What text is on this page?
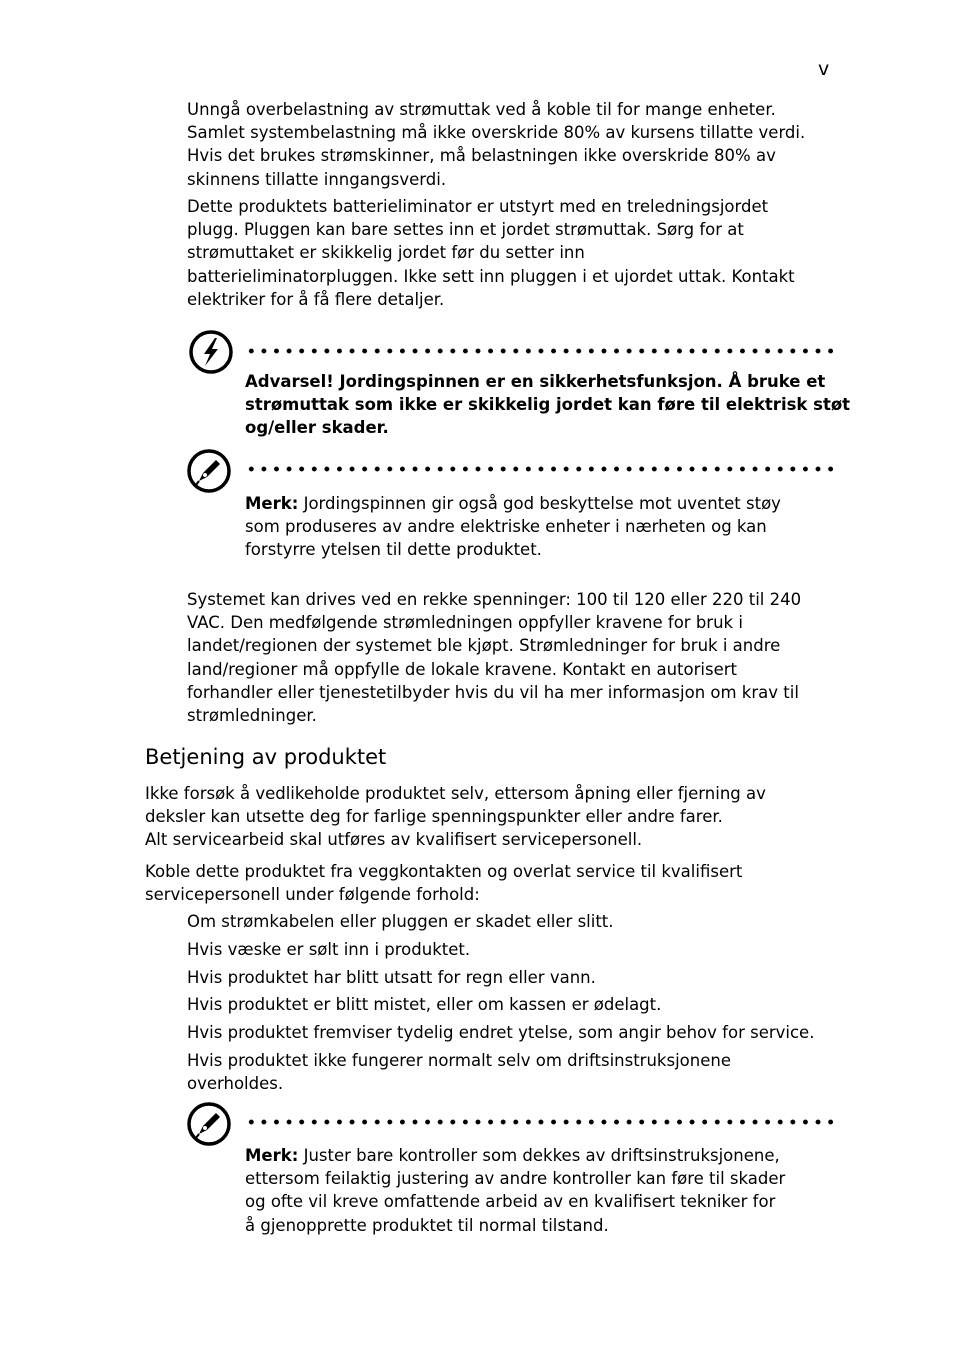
v
Unngå overbelastning av strømuttak ved å koble til for mange enheter.
Samlet systembelastning må ikke overskride 80% av kursens tillatte verdi.
Hvis det brukes strømskinner, må belastningen ikke overskride 80% av
skinnens tillatte inngangsverdi.
Dette produktets batterieliminator er utstyrt med en treledningsjordet
plugg. Pluggen kan bare settes inn et jordet strømuttak. Sørg for at
strømuttaket er skikkelig jordet før du setter inn
batterieliminatorpluggen. Ikke sett inn pluggen i et ujordet uttak. Kontakt
elektriker for å få flere detaljer.
Advarsel! Jordingspinnen er en sikkerhetsfunksjon. Å bruke et
strømuttak som ikke er skikkelig jordet kan føre til elektrisk støt
og/eller skader.
Merk: Jordingspinnen gir også god beskyttelse mot uventet støy
som produseres av andre elektriske enheter i nærheten og kan
forstyrre ytelsen til dette produktet.
Systemet kan drives ved en rekke spenninger: 100 til 120 eller 220 til 240
VAC. Den medfølgende strømledningen oppfyller kravene for bruk i
landet/regionen der systemet ble kjøpt. Strømledninger for bruk i andre
land/regioner må oppfylle de lokale kravene. Kontakt en autorisert
forhandler eller tjenestetilbyder hvis du vil ha mer informasjon om krav til
strømledninger.
Betjening av produktet
Ikke forsøk å vedlikeholde produktet selv, ettersom åpning eller fjerning av
deksler kan utsette deg for farlige spenningspunkter eller andre farer.
Alt servicearbeid skal utføres av kvalifisert servicepersonell.
Koble dette produktet fra veggkontakten og overlat service til kvalifisert
servicepersonell under følgende forhold:
Om strømkabelen eller pluggen er skadet eller slitt.
Hvis væske er sølt inn i produktet.
Hvis produktet har blitt utsatt for regn eller vann.
Hvis produktet er blitt mistet, eller om kassen er ødelagt.
Hvis produktet fremviser tydelig endret ytelse, som angir behov for service.
Hvis produktet ikke fungerer normalt selv om driftsinstruksjonene
overholdes.
Merk: Juster bare kontroller som dekkes av driftsinstruksjonene,
ettersom feilaktig justering av andre kontroller kan føre til skader
og ofte vil kreve omfattende arbeid av en kvalifisert tekniker for
å gjenopprette produktet til normal tilstand.
